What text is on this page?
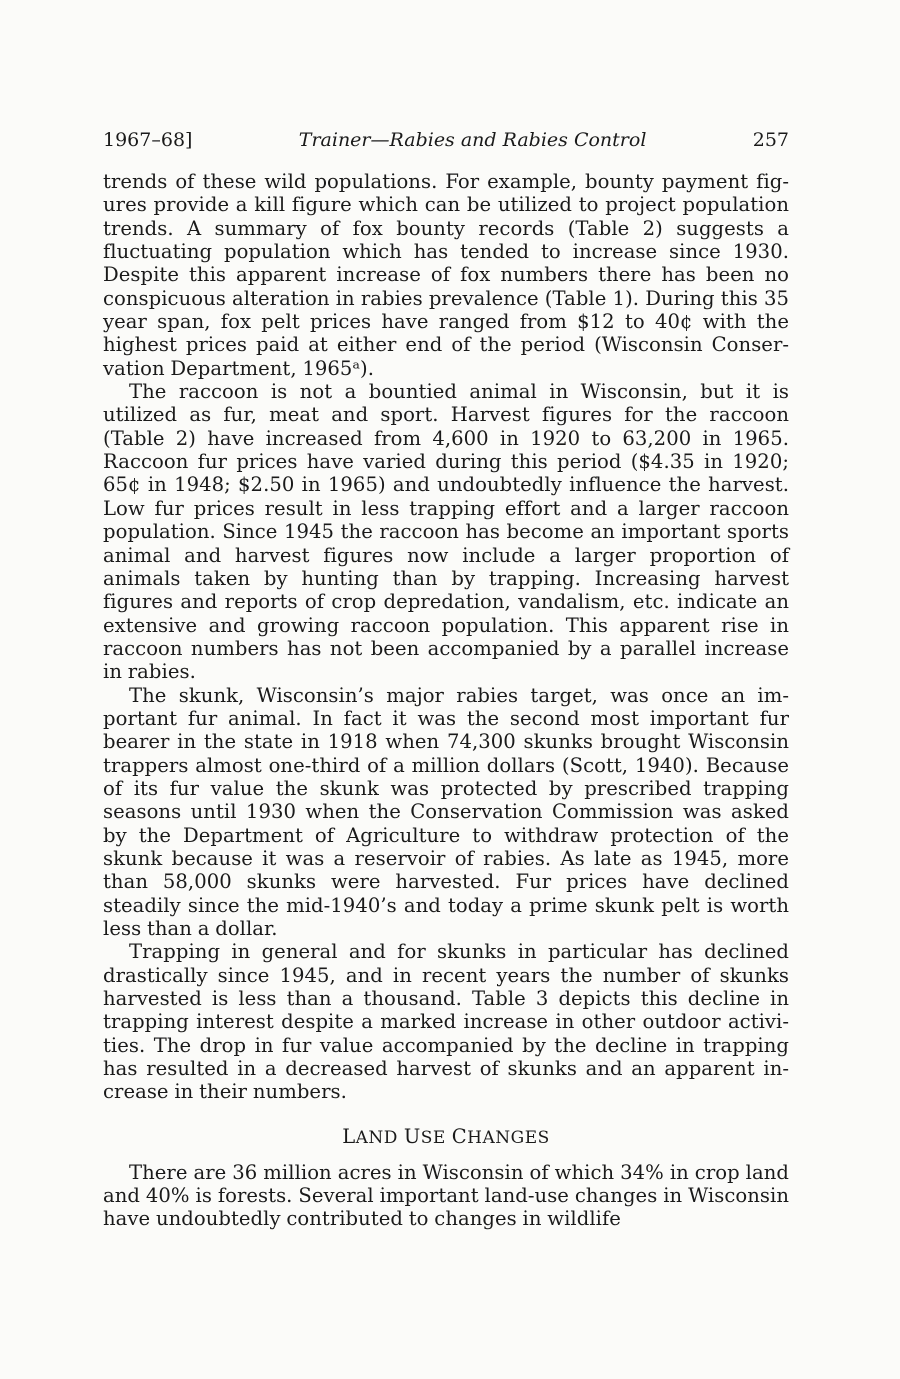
1967–68]	Trainer—Rabies and Rabies Control	257

trends of these wild populations. For example, bounty payment figures provide a kill figure which can be utilized to project population trends. A summary of fox bounty records (Table 2) suggests a fluctuating population which has tended to increase since 1930. Despite this apparent increase of fox numbers there has been no conspicuous alteration in rabies prevalence (Table 1). During this 35 year span, fox pelt prices have ranged from $12 to 40¢ with the highest prices paid at either end of the period (Wisconsin Conservation Department, 1965ᵃ).

The raccoon is not a bountied animal in Wisconsin, but it is utilized as fur, meat and sport. Harvest figures for the raccoon (Table 2) have increased from 4,600 in 1920 to 63,200 in 1965. Raccoon fur prices have varied during this period ($4.35 in 1920; 65¢ in 1948; $2.50 in 1965) and undoubtedly influence the harvest. Low fur prices result in less trapping effort and a larger raccoon population. Since 1945 the raccoon has become an important sports animal and harvest figures now include a larger proportion of animals taken by hunting than by trapping. Increasing harvest figures and reports of crop depredation, vandalism, etc. indicate an extensive and growing raccoon population. This apparent rise in raccoon numbers has not been accompanied by a parallel increase in rabies.

The skunk, Wisconsin’s major rabies target, was once an important fur animal. In fact it was the second most important fur bearer in the state in 1918 when 74,300 skunks brought Wisconsin trappers almost one-third of a million dollars (Scott, 1940). Because of its fur value the skunk was protected by prescribed trapping seasons until 1930 when the Conservation Commission was asked by the Department of Agriculture to withdraw protection of the skunk because it was a reservoir of rabies. As late as 1945, more than 58,000 skunks were harvested. Fur prices have declined steadily since the mid-1940’s and today a prime skunk pelt is worth less than a dollar.

Trapping in general and for skunks in particular has declined drastically since 1945, and in recent years the number of skunks harvested is less than a thousand. Table 3 depicts this decline in trapping interest despite a marked increase in other outdoor activities. The drop in fur value accompanied by the decline in trapping has resulted in a decreased harvest of skunks and an apparent increase in their numbers.

LAND USE CHANGES

There are 36 million acres in Wisconsin of which 34% in crop land and 40% is forests. Several important land-use changes in Wisconsin have undoubtedly contributed to changes in wildlife
